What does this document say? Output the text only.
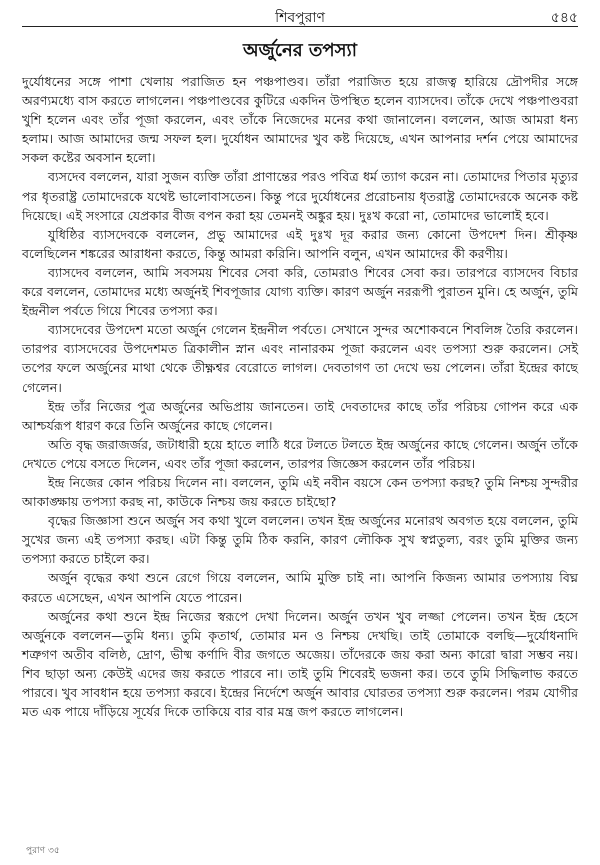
শিবপুরাণ	৫৪৫
অর্জুনের তপস্যা

দুর্যোধনের সঙ্গে পাশা খেলায় পরাজিত হন পঞ্চপাণ্ডব। তাঁরা পরাজিত হয়ে রাজত্ব হারিয়ে দ্রৌপদীর সঙ্গে অরণ্যমধ্যে বাস করতে লাগলেন। পঞ্চপাণ্ডবের কুটিরে একদিন উপস্থিত হলেন ব্যাসদেব। তাঁকে দেখে পঞ্চপাণ্ডবরা খুশি হলেন এবং তাঁর পূজা করলেন, এবং তাঁকে নিজেদের মনের কথা জানালেন। বললেন, আজ আমরা ধন্য হলাম। আজ আমাদের জন্ম সফল হল। দুর্যোধন আমাদের খুব কষ্ট দিয়েছে, এখন আপনার দর্শন পেয়ে আমাদের সকল কষ্টের অবসান হলো।

ব্যসদেব বললেন, যারা সুজন ব্যক্তি তাঁরা প্রাণান্তের পরও পবিত্র ধর্ম ত্যাগ করেন না। তোমাদের পিতার মৃত্যুর পর ধৃতরাষ্ট্র তোমাদেরকে যথেষ্ট ভালোবাসতেন। কিন্তু পরে দুর্যোধনের প্ররোচনায় ধৃতরাষ্ট্র তোমাদেরকে অনেক কষ্ট দিয়েছে। এই সংসারে যেপ্রকার বীজ বপন করা হয় তেমনই অঙ্কুর হয়। দুঃখ করো না, তোমাদের ভালোই হবে।

যুধিষ্ঠির ব্যাসদেবকে বললেন, প্রভু আমাদের এই দুঃখ দূর করার জন্য কোনো উপদেশ দিন। শ্রীকৃষ্ণ বলেছিলেন শঙ্করের আরাধনা করতে, কিন্তু আমরা করিনি। আপনি বলুন, এখন আমাদের কী করণীয়।

ব্যাসদেব বললেন, আমি সবসময় শিবের সেবা করি, তোমরাও শিবের সেবা কর। তারপরে ব্যাসদেব বিচার করে বললেন, তোমাদের মধ্যে অর্জুনই শিবপূজার যোগ্য ব্যক্তি। কারণ অর্জুন নররূপী পুরাতন মুনি। হে অর্জুন, তুমি ইন্দ্রনীল পর্বতে গিয়ে শিবের তপস্যা কর।

ব্যাসদেবের উপদেশ মতো অর্জুন গেলেন ইন্দ্রনীল পর্বতে। সেখানে সুন্দর অশোকবনে শিবলিঙ্গ তৈরি করলেন। তারপর ব্যাসদেবের উপদেশমত ত্রিকালীন স্নান এবং নানারকম পূজা করলেন এবং তপস্যা শুরু করলেন। সেই তপের ফলে অর্জুনের মাথা থেকে তীক্ষ্ণশ্বর বেরোতে লাগল। দেবতাগণ তা দেখে ভয় পেলেন। তাঁরা ইন্দ্রের কাছে গেলেন।

ইন্দ্র তাঁর নিজের পুত্র অর্জুনের অভিপ্রায় জানতেন। তাই দেবতাদের কাছে তাঁর পরিচয় গোপন করে এক আশ্চর্যরূপ ধারণ করে তিনি অর্জুনের কাছে গেলেন।

অতি বৃদ্ধ জরাজর্জর, জটাধারী হয়ে হাতে লাঠি ধরে টলতে টলতে ইন্দ্র অর্জুনের কাছে গেলেন। অর্জুন তাঁকে দেখতে পেয়ে বসতে দিলেন, এবং তাঁর পূজা করলেন, তারপর জিজ্ঞেস করলেন তাঁর পরিচয়।

ইন্দ্র নিজের কোন পরিচয় দিলেন না। বললেন, তুমি এই নবীন বয়সে কেন তপস্যা করছ? তুমি নিশ্চয় সুন্দরীর আকাঙ্ক্ষায় তপস্যা করছ না, কাউকে নিশ্চয় জয় করতে চাইছো?

বৃদ্ধের জিজ্ঞাসা শুনে অর্জুন সব কথা খুলে বললেন। তখন ইন্দ্র অর্জুনের মনোরথ অবগত হয়ে বললেন, তুমি সুখের জন্য এই তপস্যা করছ। এটা কিন্তু তুমি ঠিক করনি, কারণ লৌকিক সুখ স্বপ্নতুল্য, বরং তুমি মুক্তির জন্য তপস্যা করতে চাইলে কর।

অর্জুন বৃদ্ধের কথা শুনে রেগে গিয়ে বললেন, আমি মুক্তি চাই না। আপনি কিজন্য আমার তপস্যায় বিঘ্ন করতে এসেছেন, এখন আপনি যেতে পারেন।

অর্জুনের কথা শুনে ইন্দ্র নিজের স্বরূপে দেখা দিলেন। অর্জুন তখন খুব লজ্জা পেলেন। তখন ইন্দ্র হেসে অর্জুনকে বললেন—তুমি ধন্য। তুমি কৃতার্থ, তোমার মন ও নিশ্চয় দেখছি। তাই তোমাকে বলছি—দুর্যোধনাদি শত্রুগণ অতীব বলিষ্ঠ, দ্রোণ, ভীষ্ম কর্ণাদি বীর জগতে অজেয়। তাঁদেরকে জয় করা অন্য কারো দ্বারা সম্ভব নয়। শিব ছাড়া অন্য কেউই এদের জয় করতে পারবে না। তাই তুমি শিবেরই ভজনা কর। তবে তুমি সিদ্ধিলাভ করতে পারবে। খুব সাবধান হয়ে তপস্যা করবে। ইন্দ্রের নির্দেশে অর্জুন আবার ঘোরতর তপস্যা শুরু করলেন। পরম যোগীর মত এক পায়ে দাঁড়িয়ে সূর্যের দিকে তাকিয়ে বার বার মন্ত্র জপ করতে লাগলেন।

পুরাণ ৩৫
